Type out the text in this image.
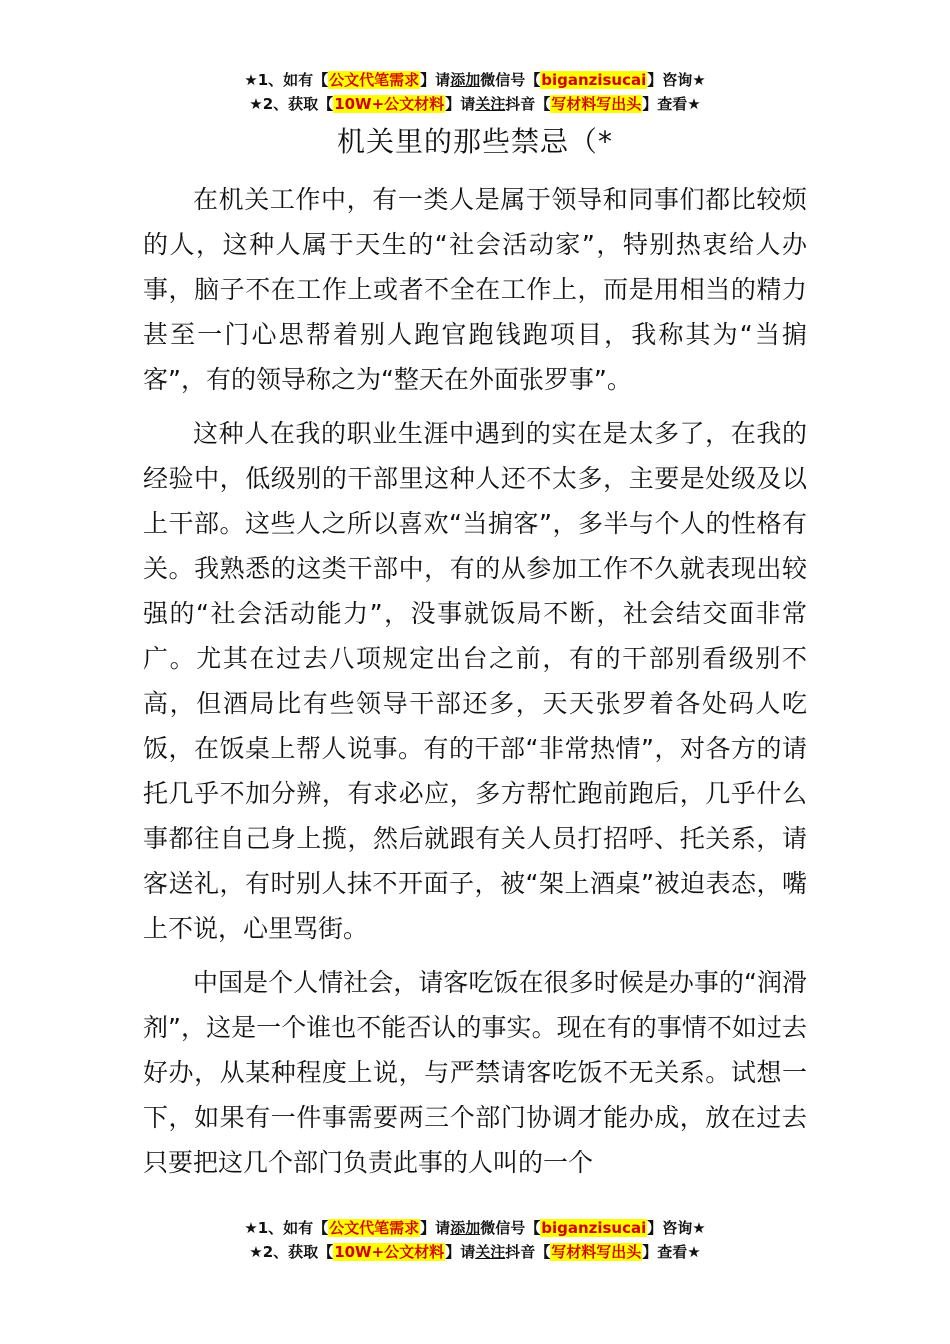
★1、如有【公文代笔需求】请添加微信号【biganzisucai】咨询★
★2、获取【10W+公文材料】请关注抖音【写材料写出头】查看★
机关里的那些禁忌（*

在机关工作中，有一类人是属于领导和同事们都比较烦的人，这种人属于天生的“社会活动家”，特别热衷给人办事，脑子不在工作上或者不全在工作上，而是用相当的精力甚至一门心思帮着别人跑官跑钱跑项目，我称其为“当掮客”，有的领导称之为“整天在外面张罗事”。

这种人在我的职业生涯中遇到的实在是太多了，在我的经验中，低级别的干部里这种人还不太多，主要是处级及以上干部。这些人之所以喜欢“当掮客”，多半与个人的性格有关。我熟悉的这类干部中，有的从参加工作不久就表现出较强的“社会活动能力”，没事就饭局不断，社会结交面非常广。尤其在过去八项规定出台之前，有的干部别看级别不高，但酒局比有些领导干部还多，天天张罗着各处码人吃饭，在饭桌上帮人说事。有的干部“非常热情”，对各方的请托几乎不加分辨，有求必应，多方帮忙跑前跑后，几乎什么事都往自己身上揽，然后就跟有关人员打招呼、托关系，请客送礼，有时别人抹不开面子，被“架上酒桌”被迫表态，嘴上不说，心里骂街。

中国是个人情社会，请客吃饭在很多时候是办事的“润滑剂”，这是一个谁也不能否认的事实。现在有的事情不如过去好办，从某种程度上说，与严禁请客吃饭不无关系。试想一下，如果有一件事需要两三个部门协调才能办成，放在过去只要把这几个部门负责此事的人叫的一个

★1、如有【公文代笔需求】请添加微信号【biganzisucai】咨询★
★2、获取【10W+公文材料】请关注抖音【写材料写出头】查看★
